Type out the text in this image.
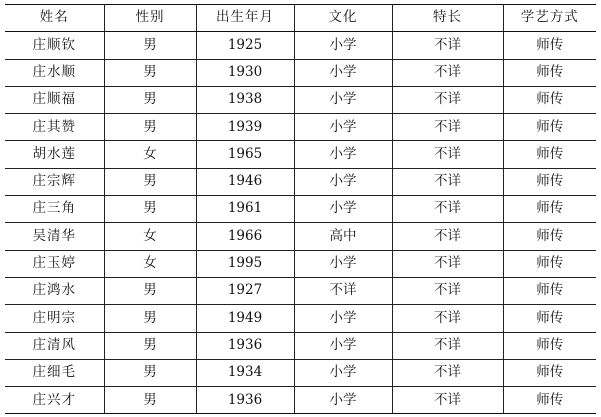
姓名	性别	出生年月	文化	特长	学艺方式
庄顺钦	男	1925	小学	不详	师传
庄水顺	男	1930	小学	不详	师传
庄顺福	男	1938	小学	不详	师传
庄其赞	男	1939	小学	不详	师传
胡水莲	女	1965	小学	不详	师传
庄宗辉	男	1946	小学	不详	师传
庄三角	男	1961	小学	不详	师传
吴清华	女	1966	高中	不详	师传
庄玉婷	女	1995	小学	不详	师传
庄鸿水	男	1927	不详	不详	师传
庄明宗	男	1949	小学	不详	师传
庄清风	男	1936	小学	不详	师传
庄细毛	男	1934	小学	不详	师传
庄兴才	男	1936	小学	不详	师传
